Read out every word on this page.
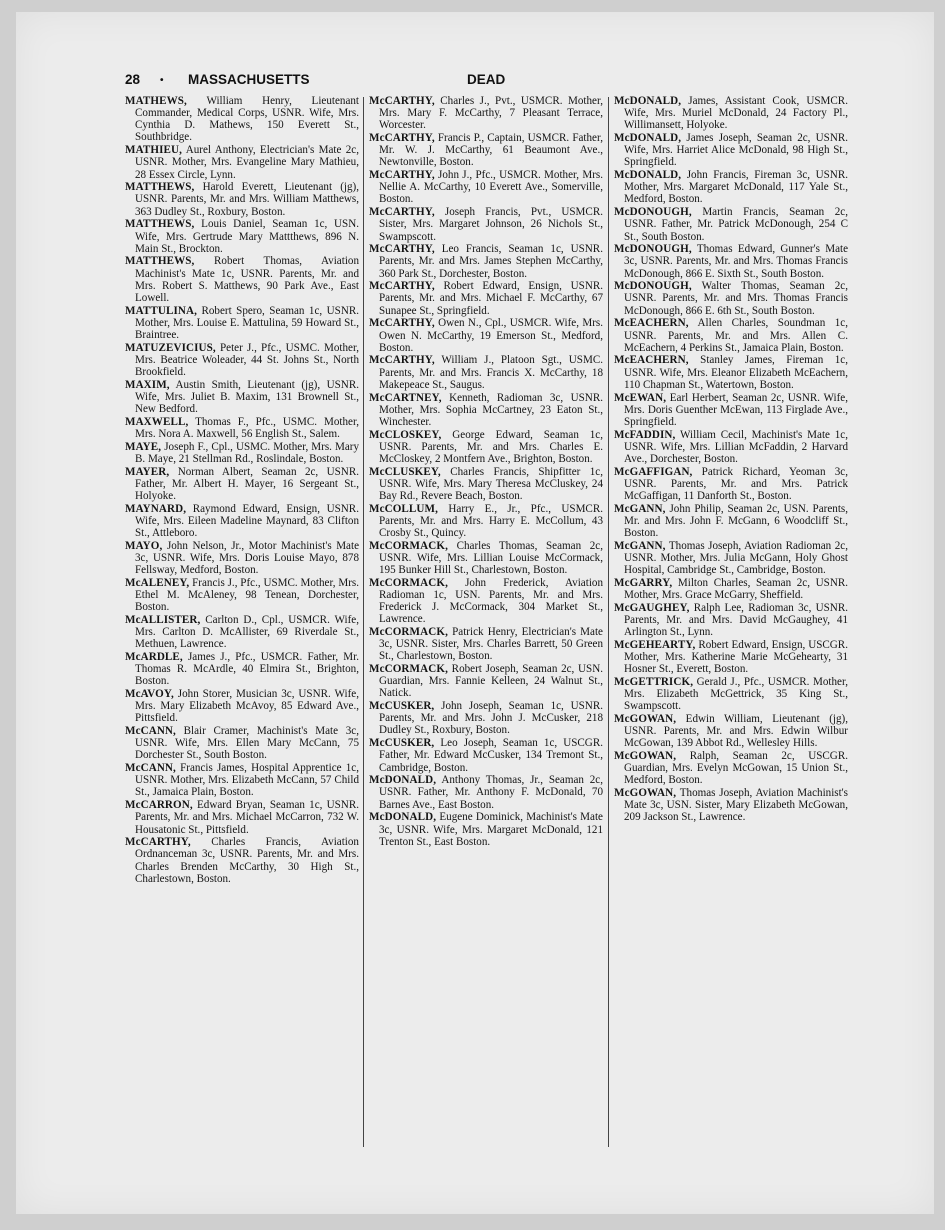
28 • MASSACHUSETTS	DEAD
MATHEWS, William Henry, Lieutenant Commander, Medical Corps, USNR. Wife, Mrs. Cynthia D. Mathews, 150 Everett St., Southbridge.
MATHIEU, Aurel Anthony, Electrician's Mate 2c, USNR. Mother, Mrs. Evangeline Mary Mathieu, 28 Essex Circle, Lynn.
MATTHEWS, Harold Everett, Lieutenant (jg), USNR. Parents, Mr. and Mrs. William Matthews, 363 Dudley St., Roxbury, Boston.
MATTHEWS, Louis Daniel, Seaman 1c, USN. Wife, Mrs. Gertrude Mary Mattthews, 896 N. Main St., Brockton.
MATTHEWS, Robert Thomas, Aviation Machinist's Mate 1c, USNR. Parents, Mr. and Mrs. Robert S. Matthews, 90 Park Ave., East Lowell.
MATTULINA, Robert Spero, Seaman 1c, USNR. Mother, Mrs. Louise E. Mattulina, 59 Howard St., Braintree.
MATUZEVICIUS, Peter J., Pfc., USMC. Mother, Mrs. Beatrice Woleader, 44 St. Johns St., North Brookfield.
MAXIM, Austin Smith, Lieutenant (jg), USNR. Wife, Mrs. Juliet B. Maxim, 131 Brownell St., New Bedford.
MAXWELL, Thomas F., Pfc., USMC. Mother, Mrs. Nora A. Maxwell, 56 English St., Salem.
MAYE, Joseph F., Cpl., USMC. Mother, Mrs. Mary B. Maye, 21 Stellman Rd., Roslindale, Boston.
MAYER, Norman Albert, Seaman 2c, USNR. Father, Mr. Albert H. Mayer, 16 Sergeant St., Holyoke.
MAYNARD, Raymond Edward, Ensign, USNR. Wife, Mrs. Eileen Madeline Maynard, 83 Clifton St., Attleboro.
MAYO, John Nelson, Jr., Motor Machinist's Mate 3c, USNR. Wife, Mrs. Doris Louise Mayo, 878 Fellsway, Medford, Boston.
McALENEY, Francis J., Pfc., USMC. Mother, Mrs. Ethel M. McAleney, 98 Tenean, Dorchester, Boston.
McALLISTER, Carlton D., Cpl., USMCR. Wife, Mrs. Carlton D. McAllister, 69 Riverdale St., Methuen, Lawrence.
McARDLE, James J., Pfc., USMCR. Father, Mr. Thomas R. McArdle, 40 Elmira St., Brighton, Boston.
McAVOY, John Storer, Musician 3c, USNR. Wife, Mrs. Mary Elizabeth McAvoy, 85 Edward Ave., Pittsfield.
McCANN, Blair Cramer, Machinist's Mate 3c, USNR. Wife, Mrs. Ellen Mary McCann, 75 Dorchester St., South Boston.
McCANN, Francis James, Hospital Apprentice 1c, USNR. Mother, Mrs. Elizabeth McCann, 57 Child St., Jamaica Plain, Boston.
McCARRON, Edward Bryan, Seaman 1c, USNR. Parents, Mr. and Mrs. Michael McCarron, 732 W. Housatonic St., Pittsfield.
McCARTHY, Charles Francis, Aviation Ordnanceman 3c, USNR. Parents, Mr. and Mrs. Charles Brenden McCarthy, 30 High St., Charlestown, Boston.
McCARTHY, Charles J., Pvt., USMCR. Mother, Mrs. Mary F. McCarthy, 7 Pleasant Terrace, Worcester.
McCARTHY, Francis P., Captain, USMCR. Father, Mr. W. J. McCarthy, 61 Beaumont Ave., Newtonville, Boston.
McCARTHY, John J., Pfc., USMCR. Mother, Mrs. Nellie A. McCarthy, 10 Everett Ave., Somerville, Boston.
McCARTHY, Joseph Francis, Pvt., USMCR. Sister, Mrs. Margaret Johnson, 26 Nichols St., Swampscott.
McCARTHY, Leo Francis, Seaman 1c, USNR. Parents, Mr. and Mrs. James Stephen McCarthy, 360 Park St., Dorchester, Boston.
McCARTHY, Robert Edward, Ensign, USNR. Parents, Mr. and Mrs. Michael F. McCarthy, 67 Sunapee St., Springfield.
McCARTHY, Owen N., Cpl., USMCR. Wife, Mrs. Owen N. McCarthy, 19 Emerson St., Medford, Boston.
McCARTHY, William J., Platoon Sgt., USMC. Parents, Mr. and Mrs. Francis X. McCarthy, 18 Makepeace St., Saugus.
McCARTNEY, Kenneth, Radioman 3c, USNR. Mother, Mrs. Sophia McCartney, 23 Eaton St., Winchester.
McCLOSKEY, George Edward, Seaman 1c, USNR. Parents, Mr. and Mrs. Charles E. McCloskey, 2 Montfern Ave., Brighton, Boston.
McCLUSKEY, Charles Francis, Shipfitter 1c, USNR. Wife, Mrs. Mary Theresa McCluskey, 24 Bay Rd., Revere Beach, Boston.
McCOLLUM, Harry E., Jr., Pfc., USMCR. Parents, Mr. and Mrs. Harry E. McCollum, 43 Crosby St., Quincy.
McCORMACK, Charles Thomas, Seaman 2c, USNR. Wife, Mrs. Lillian Louise McCormack, 195 Bunker Hill St., Charlestown, Boston.
McCORMACK, John Frederick, Aviation Radioman 1c, USN. Parents, Mr. and Mrs. Frederick J. McCormack, 304 Market St., Lawrence.
McCORMACK, Patrick Henry, Electrician's Mate 3c, USNR. Sister, Mrs. Charles Barrett, 50 Green St., Charlestown, Boston.
McCORMACK, Robert Joseph, Seaman 2c, USN. Guardian, Mrs. Fannie Kelleen, 24 Walnut St., Natick.
McCUSKER, John Joseph, Seaman 1c, USNR. Parents, Mr. and Mrs. John J. McCusker, 218 Dudley St., Roxbury, Boston.
McCUSKER, Leo Joseph, Seaman 1c, USCGR. Father, Mr. Edward McCusker, 134 Tremont St., Cambridge, Boston.
McDONALD, Anthony Thomas, Jr., Seaman 2c, USNR. Father, Mr. Anthony F. McDonald, 70 Barnes Ave., East Boston.
McDONALD, Eugene Dominick, Machinist's Mate 3c, USNR. Wife, Mrs. Margaret McDonald, 121 Trenton St., East Boston.
McDONALD, James, Assistant Cook, USMCR. Wife, Mrs. Muriel McDonald, 24 Factory Pl., Willimansett, Holyoke.
McDONALD, James Joseph, Seaman 2c, USNR. Wife, Mrs. Harriet Alice McDonald, 98 High St., Springfield.
McDONALD, John Francis, Fireman 3c, USNR. Mother, Mrs. Margaret McDonald, 117 Yale St., Medford, Boston.
McDONOUGH, Martin Francis, Seaman 2c, USNR. Father, Mr. Patrick McDonough, 254 C St., South Boston.
McDONOUGH, Thomas Edward, Gunner's Mate 3c, USNR. Parents, Mr. and Mrs. Thomas Francis McDonough, 866 E. Sixth St., South Boston.
McDONOUGH, Walter Thomas, Seaman 2c, USNR. Parents, Mr. and Mrs. Thomas Francis McDonough, 866 E. 6th St., South Boston.
McEACHERN, Allen Charles, Soundman 1c, USNR. Parents, Mr. and Mrs. Allen C. McEachern, 4 Perkins St., Jamaica Plain, Boston.
McEACHERN, Stanley James, Fireman 1c, USNR. Wife, Mrs. Eleanor Elizabeth McEachern, 110 Chapman St., Watertown, Boston.
McEWAN, Earl Herbert, Seaman 2c, USNR. Wife, Mrs. Doris Guenther McEwan, 113 Firglade Ave., Springfield.
McFADDIN, William Cecil, Machinist's Mate 1c, USNR. Wife, Mrs. Lillian McFaddin, 2 Harvard Ave., Dorchester, Boston.
McGAFFIGAN, Patrick Richard, Yeoman 3c, USNR. Parents, Mr. and Mrs. Patrick McGaffigan, 11 Danforth St., Boston.
McGANN, John Philip, Seaman 2c, USN. Parents, Mr. and Mrs. John F. McGann, 6 Woodcliff St., Boston.
McGANN, Thomas Joseph, Aviation Radioman 2c, USNR. Mother, Mrs. Julia McGann, Holy Ghost Hospital, Cambridge St., Cambridge, Boston.
McGARRY, Milton Charles, Seaman 2c, USNR. Mother, Mrs. Grace McGarry, Sheffield.
McGAUGHEY, Ralph Lee, Radioman 3c, USNR. Parents, Mr. and Mrs. David McGaughey, 41 Arlington St., Lynn.
McGEHEARTY, Robert Edward, Ensign, USCGR. Mother, Mrs. Katherine Marie McGehearty, 31 Hosner St., Everett, Boston.
McGETTRICK, Gerald J., Pfc., USMCR. Mother, Mrs. Elizabeth McGettrick, 35 King St., Swampscott.
McGOWAN, Edwin William, Lieutenant (jg), USNR. Parents, Mr. and Mrs. Edwin Wilbur McGowan, 139 Abbot Rd., Wellesley Hills.
McGOWAN, Ralph, Seaman 2c, USCGR. Guardian, Mrs. Evelyn McGowan, 15 Union St., Medford, Boston.
McGOWAN, Thomas Joseph, Aviation Machinist's Mate 3c, USN. Sister, Mary Elizabeth McGowan, 209 Jackson St., Lawrence.
